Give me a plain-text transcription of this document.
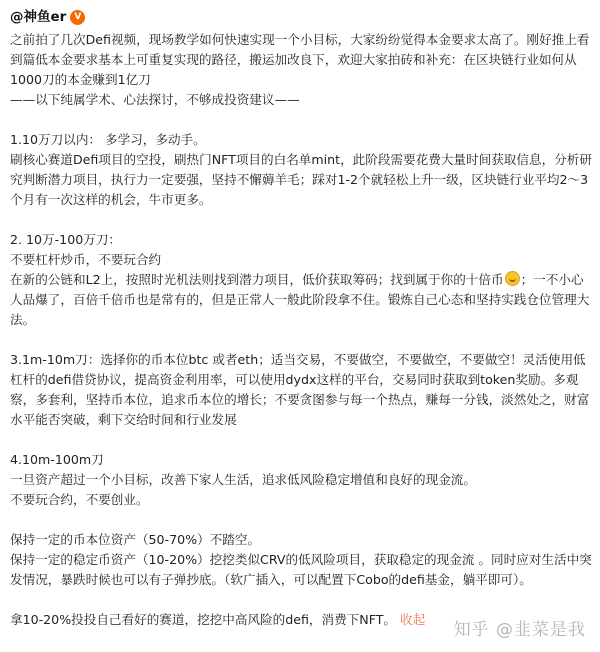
@神鱼er V

之前拍了几次Defi视频，现场教学如何快速实现一个小目标，大家纷纷觉得本金要求太高了。刚好推上看到篇低本金要求基本上可重复实现的路径，搬运加改良下，欢迎大家拍砖和补充：在区块链行业如何从1000刀的本金赚到1亿刀

——以下纯属学术、心法探讨，不够成投资建议——

1.10万刀以内： 多学习，多动手。

刷核心赛道Defi项目的空投，刷热门NFT项目的白名单mint，此阶段需要花费大量时间获取信息，分析研究判断潜力项目，执行力一定要强，坚持不懈薅羊毛；踩对1-2个就轻松上升一级，区块链行业平均2～3个月有一次这样的机会，牛市更多。

2. 10万-100万刀：

不要杠杆炒币，不要玩合约

在新的公链和L2上，按照时光机法则找到潜力项目，低价获取筹码；找到属于你的十倍币 ；一不小心人品爆了，百倍千倍币也是常有的，但是正常人一般此阶段拿不住。锻炼自己心态和坚持实践仓位管理大法。

3.1m-10m刀：选择你的币本位btc 或者eth；适当交易，不要做空，不要做空，不要做空！灵活使用低杠杆的defi借贷协议，提高资金利用率，可以使用dydx这样的平台，交易同时获取到token奖励。多观察，多套利，坚持币本位，追求币本位的增长；不要贪图参与每一个热点，赚每一分钱，淡然处之，财富水平能否突破，剩下交给时间和行业发展

4.10m-100m刀

一旦资产超过一个小目标，改善下家人生活，追求低风险稳定增值和良好的现金流。

不要玩合约，不要创业。

保持一定的币本位资产（50-70%）不踏空。

保持一定的稳定币资产（10-20%）挖挖类似CRV的低风险项目，获取稳定的现金流 。同时应对生活中突发情况，暴跌时候也可以有子弹抄底。（软广插入，可以配置下Cobo的defi基金，躺平即可）。

拿10-20%投投自己看好的赛道，挖挖中高风险的defi，消费下NFT。 收起

知乎 @韭菜是我
